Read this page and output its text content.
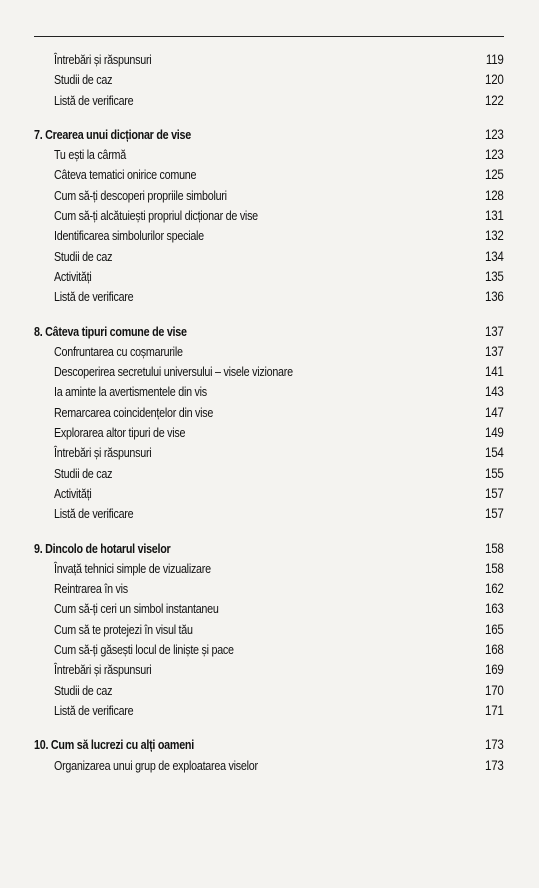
Întrebări și răspunsuri	119
Studii de caz	120
Listă de verificare	122
7. Crearea unui dicționar de vise	123
Tu ești la cârmă	123
Câteva tematici onirice comune	125
Cum să-ți descoperi propriile simboluri	128
Cum să-ți alcătuiești propriul dicționar de vise	131
Identificarea simbolurilor speciale	132
Studii de caz	134
Activități	135
Listă de verificare	136
8. Câteva tipuri comune de vise	137
Confruntarea cu coșmarurile	137
Descoperirea secretului universului – visele vizionare	141
Ia aminte la avertismentele din vis	143
Remarcarea coincidențelor din vise	147
Explorarea altor tipuri de vise	149
Întrebări și răspunsuri	154
Studii de caz	155
Activități	157
Listă de verificare	157
9. Dincolo de hotarul viselor	158
Învață tehnici simple de vizualizare	158
Reintrarea în vis	162
Cum să-ți ceri un simbol instantaneu	163
Cum să te protejezi în visul tău	165
Cum să-ți găsești locul de liniște și pace	168
Întrebări și răspunsuri	169
Studii de caz	170
Listă de verificare	171
10. Cum să lucrezi cu alți oameni	173
Organizarea unui grup de exploatarea viselor	173
